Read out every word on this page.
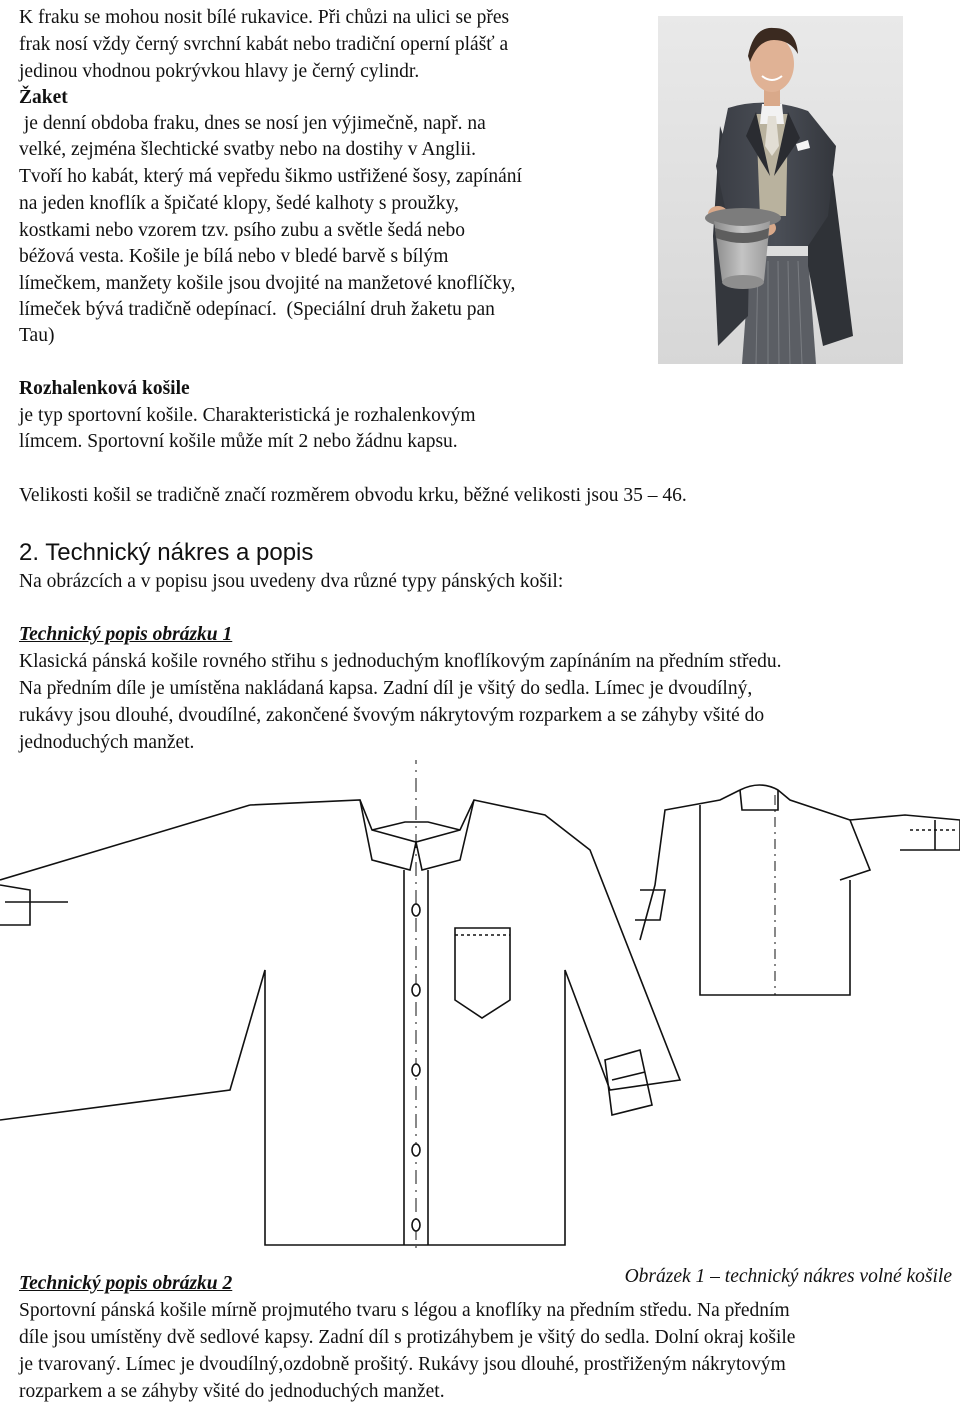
K fraku se mohou nosit bílé rukavice. Při chůzi na ulici se přes

frak nosí vždy černý svrchní kabát nebo tradiční operní plášť a

jedinou vhodnou pokrývkou hlavy je černý cylindr.

Žaket

je denní obdoba fraku, dnes se nosí jen výjimečně, např. na

velké, zejména šlechtické svatby nebo na dostihy v Anglii.

Tvoří ho kabát, který má vepředu šikmo ustřižené šosy, zapínání

na jeden knoflík a špičaté klopy, šedé kalhoty s proužky,

kostkami nebo vzorem tzv. psího zubu a světle šedá nebo

béžová vesta. Košile je bílá nebo v bledé barvě s bílým

límečkem, manžety košile jsou dvojité na manžetové knoflíčky,

límeček bývá tradičně odepínací.  (Speciální druh žaketu pan

Tau)

Rozhalenková košile

je typ sportovní košile. Charakteristická je rozhalenkovým

límcem. Sportovní košile může mít 2 nebo žádnu kapsu.

Velikosti košil se tradičně značí rozměrem obvodu krku, běžné velikosti jsou 35 – 46.

2. Technický nákres a popis

Na obrázcích a v popisu jsou uvedeny dva různé typy pánských košil:

Technický popis obrázku 1

Klasická pánská košile rovného střihu s jednoduchým knoflíkovým zapínáním na předním středu.

Na předním díle je umístěna nakládaná kapsa. Zadní díl je všitý do sedla. Límec je dvoudílný,

rukávy jsou dlouhé, dvoudílné, zakončené švovým nákrytovým rozparkem a se záhyby všité do

jednoduchých manžet.

Obrázek 1 – technický nákres volné košile

Technický popis obrázku 2

Sportovní pánská košile mírně projmutého tvaru s légou a knoflíky na předním středu. Na předním

díle jsou umístěny dvě sedlové kapsy. Zadní díl s protizáhybem je všitý do sedla. Dolní okraj košile

je tvarovaný. Límec je dvoudílný,ozdobně prošitý. Rukávy jsou dlouhé, prostřiženým nákrytovým

rozparkem a se záhyby všité do jednoduchých manžet.
